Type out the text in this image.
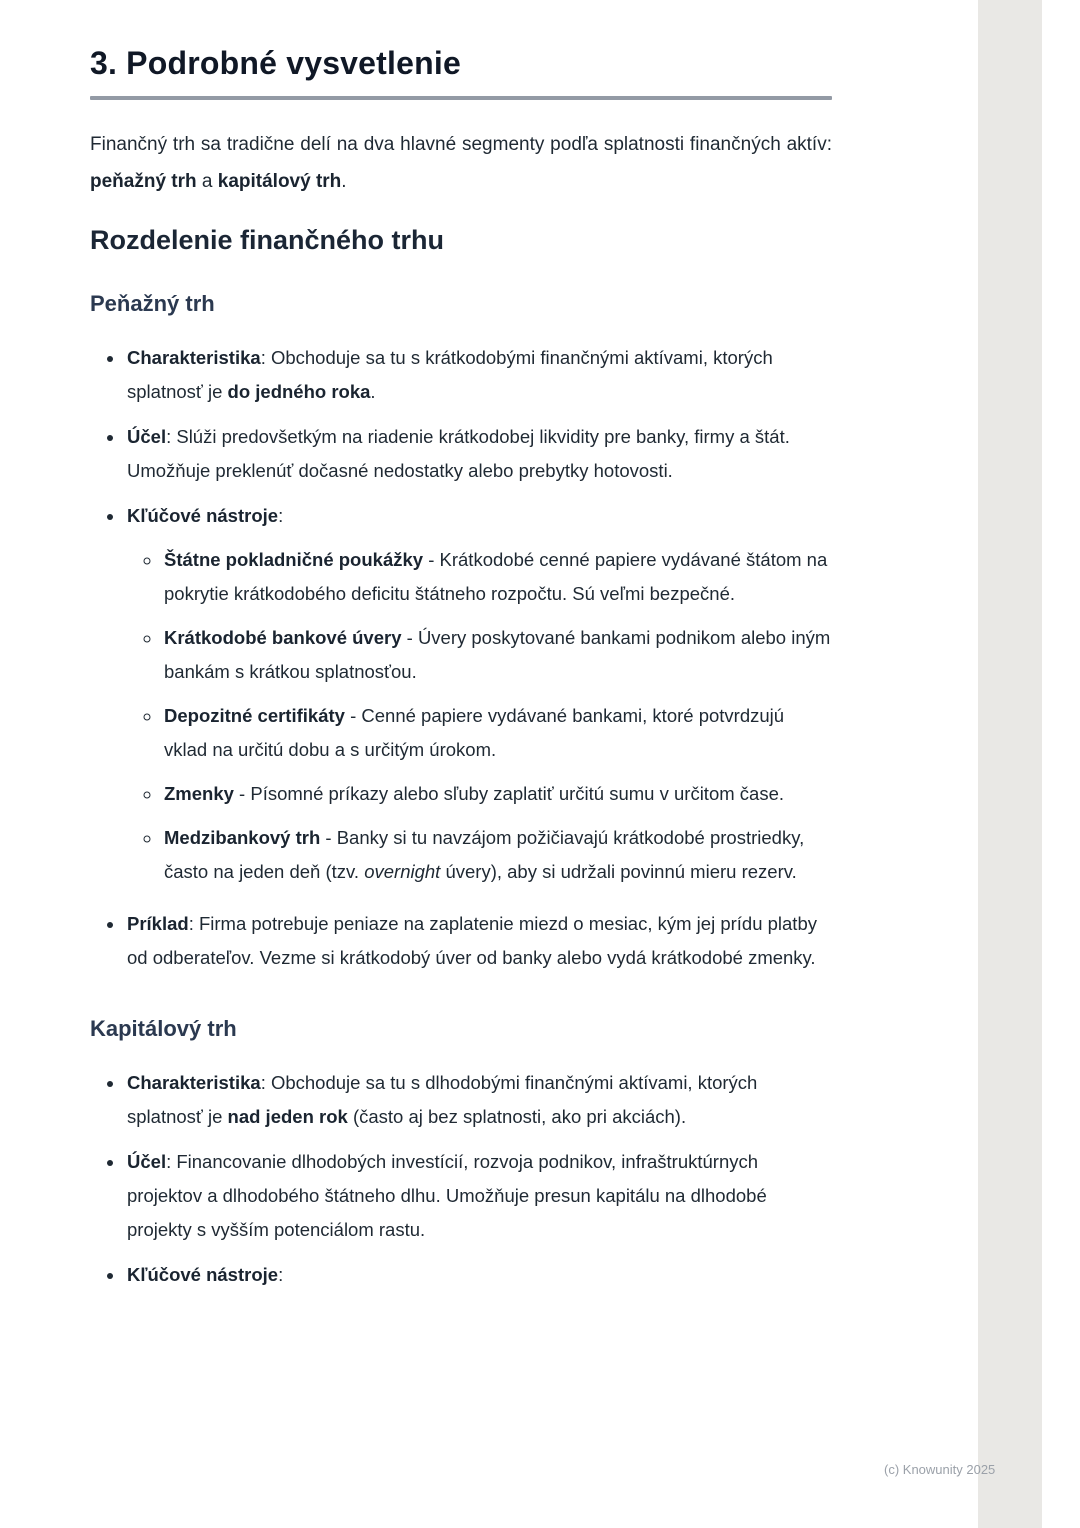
3. Podrobné vysvetlenie

Finančný trh sa tradične delí na dva hlavné segmenty podľa splatnosti finančných aktív: peňažný trh a kapitálový trh.

Rozdelenie finančného trhu
Peňažný trh
• Charakteristika: Obchoduje sa tu s krátkodobými finančnými aktívami, ktorých splatnosť je do jedného roka.
• Účel: Slúži predovšetkým na riadenie krátkodobej likvidity pre banky, firmy a štát. Umožňuje preklenúť dočasné nedostatky alebo prebytky hotovosti.
• Kľúčové nástroje:
◦ Štátne pokladničné poukážky - Krátkodobé cenné papiere vydávané štátom na pokrytie krátkodobého deficitu štátneho rozpočtu. Sú veľmi bezpečné.
◦ Krátkodobé bankové úvery - Úvery poskytované bankami podnikom alebo iným bankám s krátkou splatnosťou.
◦ Depozitné certifikáty - Cenné papiere vydávané bankami, ktoré potvrdzujú vklad na určitú dobu a s určitým úrokom.
◦ Zmenky - Písomné príkazy alebo sľuby zaplatiť určitú sumu v určitom čase.
◦ Medzibankový trh - Banky si tu navzájom požičiavajú krátkodobé prostriedky, často na jeden deň (tzv. overnight úvery), aby si udržali povinnú mieru rezerv.
• Príklad: Firma potrebuje peniaze na zaplatenie miezd o mesiac, kým jej prídu platby od odberateľov. Vezme si krátkodobý úver od banky alebo vydá krátkodobé zmenky.
Kapitálový trh
• Charakteristika: Obchoduje sa tu s dlhodobými finančnými aktívami, ktorých splatnosť je nad jeden rok (často aj bez splatnosti, ako pri akciách).
• Účel: Financovanie dlhodobých investícií, rozvoja podnikov, infraštruktúrnych projektov a dlhodobého štátneho dlhu. Umožňuje presun kapitálu na dlhodobé projekty s vyšším potenciálom rastu.
• Kľúčové nástroje:
(c) Knowunity 2025
